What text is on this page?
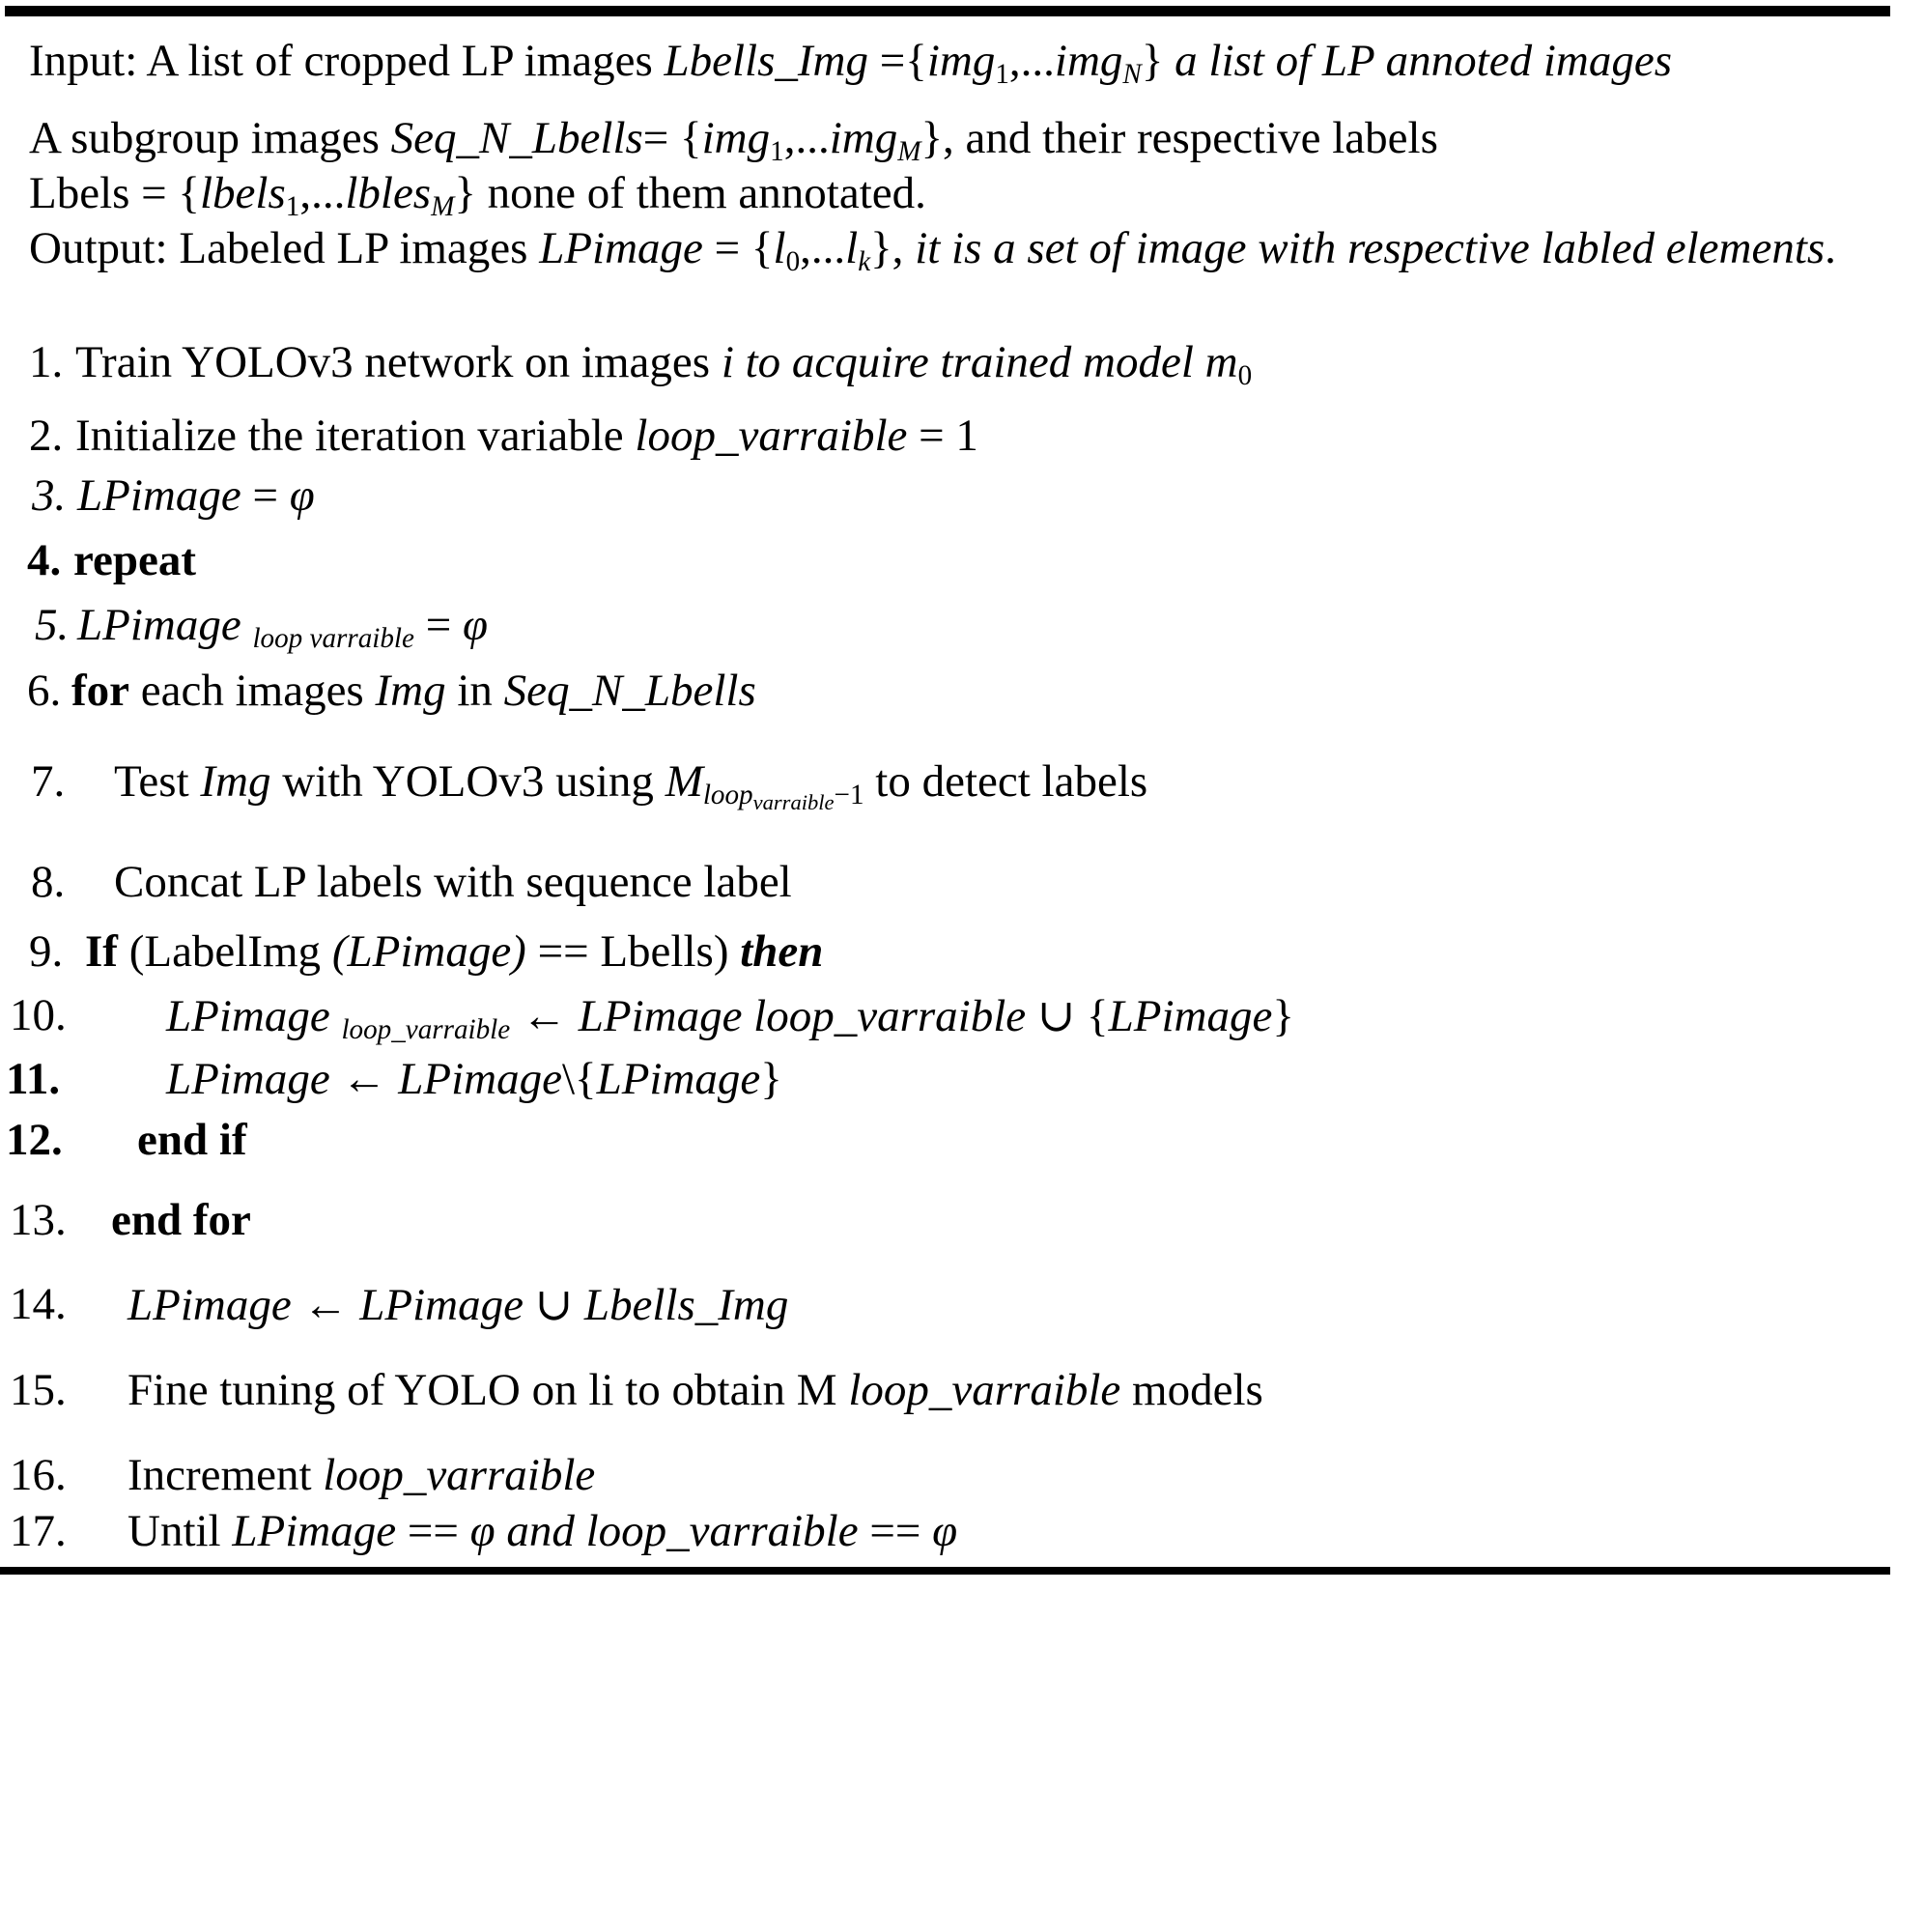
Input: A list of cropped LP images Lbells_Img ={img$_1$,...img$_N$} a list of LP annoted images
A subgroup images Seq_N_Lbells= {img$_1$,...img$_M$}, and their respective labels
Lbels = {lbels$_1$,...lbles$_M$} none of them annotated.
Output: Labeled LP images LPimage = $\{l_0,...l_k\}$, it is a set of image with respective labled elements.
1. Train YOLOv3 network on images i to acquire trained model $m_0$
2. Initialize the iteration variable loop_varraible = 1
3. LPimage = φ
4. repeat
5. LPimage $_{loop varraible}$ = φ
6. for each images Img in Seq_N_Lbells
7. Test Img with YOLOv3 using $M_{loopvarraible-1}$ to detect labels
8. Concat LP labels with sequence label
9. If (LabelImg (LPimage) == Lbells) then
10. LPimage $_{loop\_varraible}$ ← LPimage loop_varraible ∪ {LPimage}
11. LPimage ← LPimage\{LPimage}
12. end if
13. end for
14. LPimage ← LPimage ∪ Lbells_Img
15. Fine tuning of YOLO on li to obtain M loop_varraible models
16. Increment loop_varraible
17. Until LPimage == φ and loop_varraible == φ
